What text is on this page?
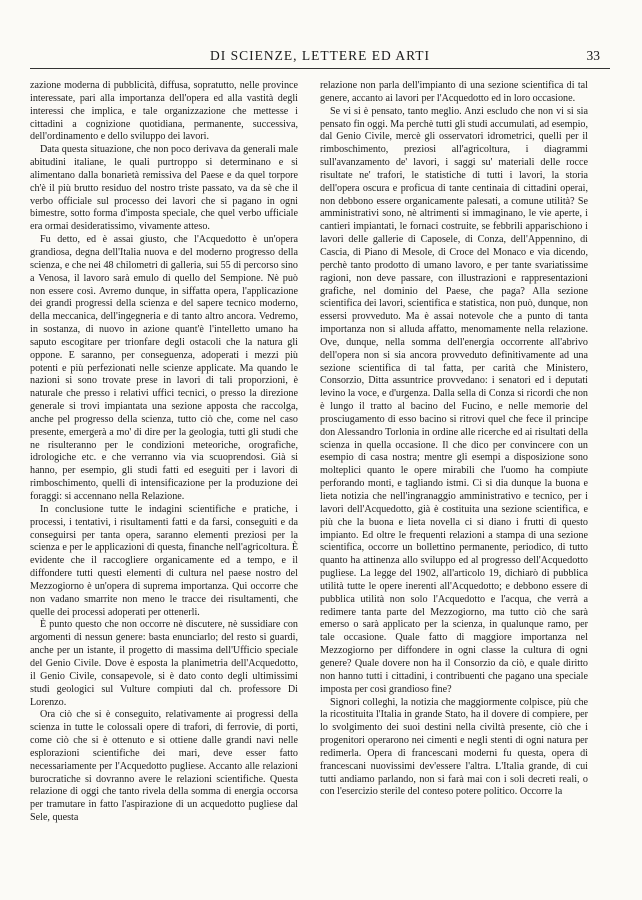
DI SCIENZE, LETTERE ED ARTI	33

zazione moderna di pubblicità, diffusa, sopratutto, nelle province interessate, pari alla importanza dell'opera ed alla vastità degli interessi che implica, e tale organizzazione che mettesse i cittadini a cognizione quotidiana, permanente, successiva, dell'ordinamento e dello sviluppo dei lavori.

Data questa situazione, che non poco derivava da generali male abitudini italiane, le quali purtroppo si determinano e si alimentano dalla bonarietà remissiva del Paese e da quel torpore ch'è il più brutto residuo del nostro triste passato, va da sè che il verbo officiale sul processo dei lavori che si pagano in ogni bimestre, sotto forma d'imposta speciale, che quel verbo ufficiale era ormai desideratissimo, vivamente atteso.

Fu detto, ed è assai giusto, che l'Acquedotto è un'opera grandiosa, degna dell'Italia nuova e del moderno progresso della scienza, e che nei 48 chilometri di galleria, sui 55 di percorso sino a Venosa, il lavoro sarà emulo di quello del Sempione. Nè può non essere così. Avremo dunque, in siffatta opera, l'applicazione dei grandi progressi della scienza e del sapere tecnico moderno, della meccanica, dell'ingegneria e di tanto altro ancora. Vedremo, in sostanza, di nuovo in azione quant'è l'intelletto umano ha saputo escogitare per trionfare degli ostacoli che la natura gli oppone. E saranno, per conseguenza, adoperati i mezzi più potenti e più perfezionati nelle scienze applicate. Ma quando le nazioni si sono trovate prese in lavori di tali proporzioni, è naturale che presso i relativi uffici tecnici, o presso la direzione generale si trovi impiantata una sezione apposta che raccolga, anche pel progresso della scienza, tutto ciò che, come nel caso presente, emergerà a mo' di dire per la geologia, tutti gli studi che ne risulteranno per le condizioni meteoriche, orografiche, idrologiche etc. e che verranno via via scuoprendosi. Già si hanno, per esempio, gli studi fatti ed eseguiti per i lavori di rimboschimento, quelli di intensificazione per la produzione dei foraggi: si accennano nella Relazione.

In conclusione tutte le indagini scientifiche e pratiche, i processi, i tentativi, i risultamenti fatti e da farsi, conseguiti e da conseguirsi per tanta opera, saranno elementi preziosi per la scienza e per le applicazioni di questa, finanche nell'agricoltura. È evidente che il raccogliere organicamente ed a tempo, e il diffondere tutti questi elementi di cultura nel paese nostro del Mezzogiorno è un'opera di suprema importanza. Qui occorre che non vadano smarrite non meno le tracce dei risultamenti, che quelle dei processi adoperati per ottenerli.

È punto questo che non occorre nè discutere, nè sussidiare con argomenti di nessun genere: basta enunciarlo; del resto si guardi, anche per un istante, il progetto di massima dell'Ufficio speciale del Genio Civile. Dove è esposta la planimetria dell'Acquedotto, il Genio Civile, consapevole, si è dato conto degli ultimissimi studi geologici sul Vulture compiuti dal ch. professore Di Lorenzo.

Ora ciò che si è conseguito, relativamente ai progressi della scienza in tutte le colossali opere di trafori, di ferrovie, di porti, come ciò che si è ottenuto e si ottiene dalle grandi navi nelle esplorazioni scientifiche dei mari, deve esser fatto necessariamente per l'Acquedotto pugliese. Accanto alle relazioni burocratiche si dovranno avere le relazioni scientifiche. Questa relazione di oggi che tanto rivela della somma di energia occorsa per tramutare in fatto l'aspirazione di un acquedotto pugliese dal Sele, questa

relazione non parla dell'impianto di una sezione scientifica di tal genere, accanto ai lavori per l'Acquedotto ed in loro occasione.

Se vi si è pensato, tanto meglio. Anzi escludo che non vi si sia pensato fin oggi. Ma perchè tutti gli studi accumulati, ad esempio, dal Genio Civile, mercè gli osservatori idrometrici, quelli per il rimboschimento, preziosi all'agricoltura, i diagrammi sull'avanzamento de' lavori, i saggi su' materiali delle rocce risultate ne' trafori, le statistiche di tutti i lavori, la storia dell'opera oscura e proficua di tante centinaia di cittadini operai, non debbono essere organicamente palesati, a comune utilità? Se amministrativi sono, nè altrimenti si immaginano, le vie aperte, i cantieri impiantati, le fornaci costruite, se febbrili apparischiono i lavori delle gallerie di Caposele, di Conza, dell'Appennino, di Cascia, di Piano di Mesole, di Croce del Monaco e via dicendo, perchè tanto prodotto di umano lavoro, e per tante svariatissime ragioni, non deve passare, con illustrazioni e rappresentazioni grafiche, nel dominio del Paese, che paga? Alla sezione scientifica dei lavori, scientifica e statistica, non può, dunque, non essersi provveduto. Ma è assai notevole che a punto di tanta importanza non si alluda affatto, menomamente nella relazione. Ove, dunque, nella somma dell'energia occorrente all'abrivo dell'opera non si sia ancora provveduto definitivamente ad una sezione scientifica di tal fatta, per carità che Ministero, Consorzio, Ditta assuntrice provvedano: i senatori ed i deputati levino la voce, e d'urgenza. Dalla sella di Conza si ricordi che non è lungo il tratto al bacino del Fucino, e nelle memorie del prosciugamento di esso bacino si ritrovi quel che fece il principe don Alessandro Torlonia in ordine alle ricerche ed ai risultati della scienza in quella occasione. Il che dico per convincere con un esempio di casa nostra; mentre gli esempi a disposizione sono molteplici quanto le opere mirabili che l'uomo ha compiute perforando monti, e tagliando istmi. Ci si dia dunque la buona e lieta notizia che nell'ingranaggio amministrativo e tecnico, per i lavori dell'Acquedotto, già è costituita una sezione scientifica, e più che la buona e lieta novella ci si diano i frutti di questo impianto. Ed oltre le frequenti relazioni a stampa di una sezione scientifica, occorre un bollettino permanente, periodico, di tutto quanto ha attinenza allo sviluppo ed al progresso dell'Acquedotto pugliese. La legge del 1902, all'articolo 19, dichiarò di pubblica utilità tutte le opere inerenti all'Acquedotto; e debbono essere di pubblica utilità non solo l'Acquedotto e l'acqua, che verrà a redimere tanta parte del Mezzogiorno, ma tutto ciò che sarà emerso o sarà applicato per la scienza, in qualunque ramo, per tale occasione. Quale fatto di maggiore importanza nel Mezzogiorno per diffondere in ogni classe la cultura di ogni genere? Quale dovere non ha il Consorzio da ciò, e quale diritto non hanno tutti i cittadini, i contribuenti che pagano una speciale imposta per così grandioso fine?

Signori colleghi, la notizia che maggiormente colpisce, più che la ricostituita l'Italia in grande Stato, ha il dovere di compiere, per lo svolgimento dei suoi destini nella civiltà presente, ciò che i progenitori operarono nei cimenti e negli stenti di ogni natura per redimerla. Opera di francescani moderni fu questa, opera di francescani nuovissimi dev'essere l'altra. L'Italia grande, di cui tutti andiamo parlando, non si farà mai con i soli decreti reali, o con l'esercizio sterile del conteso potere politico. Occorre la
